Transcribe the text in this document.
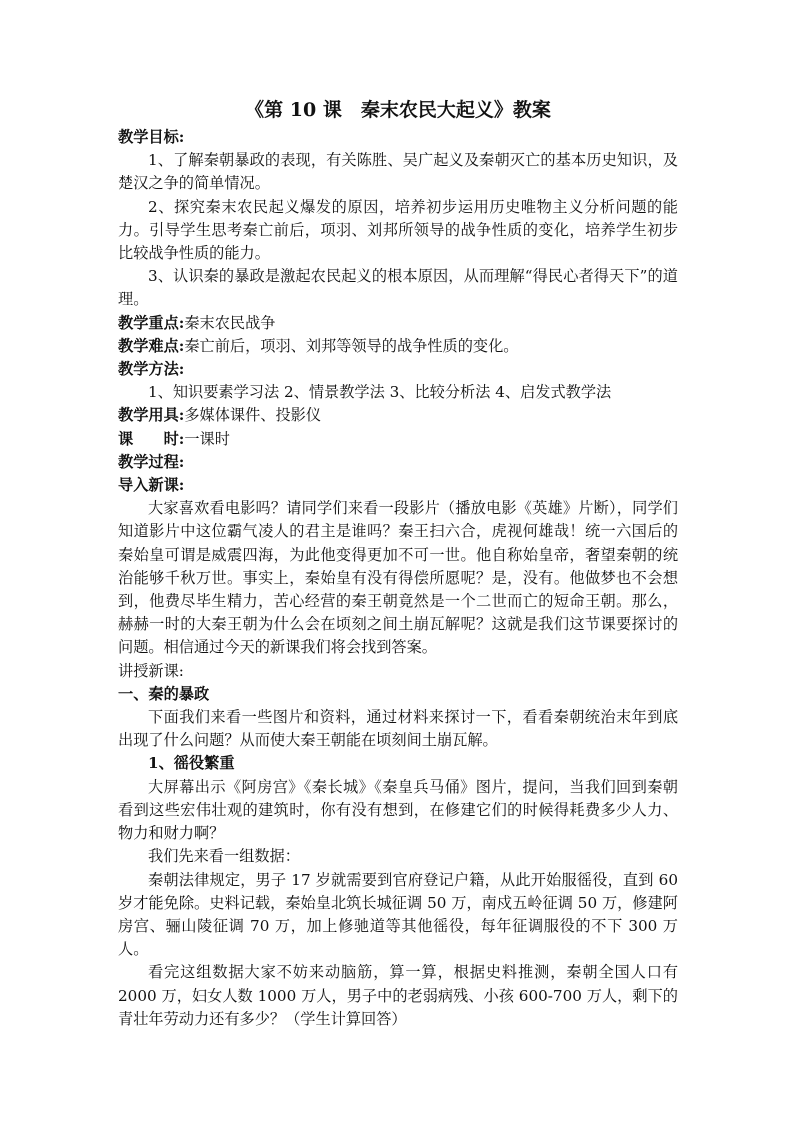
《第 10 课　秦末农民大起义》教案

教学目标:

1、了解秦朝暴政的表现，有关陈胜、吴广起义及秦朝灭亡的基本历史知识，及楚汉之争的简单情况。

2、探究秦末农民起义爆发的原因，培养初步运用历史唯物主义分析问题的能力。引导学生思考秦亡前后，项羽、刘邦所领导的战争性质的变化，培养学生初步比较战争性质的能力。

3、认识秦的暴政是激起农民起义的根本原因，从而理解“得民心者得天下”的道理。

教学重点:秦末农民战争

教学难点:秦亡前后，项羽、刘邦等领导的战争性质的变化。

教学方法:

1、知识要素学习法 2、情景教学法 3、比较分析法 4、启发式教学法

教学用具:多媒体课件、投影仪

课　　时:一课时

教学过程:

导入新课:

大家喜欢看电影吗？请同学们来看一段影片（播放电影《英雄》片断），同学们知道影片中这位霸气凌人的君主是谁吗？秦王扫六合，虎视何雄哉！统一六国后的秦始皇可谓是威震四海，为此他变得更加不可一世。他自称始皇帝，奢望秦朝的统治能够千秋万世。事实上，秦始皇有没有得偿所愿呢？是，没有。他做梦也不会想到，他费尽毕生精力，苦心经营的秦王朝竟然是一个二世而亡的短命王朝。那么，赫赫一时的大秦王朝为什么会在顷刻之间土崩瓦解呢？这就是我们这节课要探讨的问题。相信通过今天的新课我们将会找到答案。

讲授新课:

一、秦的暴政

下面我们来看一些图片和资料，通过材料来探讨一下，看看秦朝统治末年到底出现了什么问题？从而使大秦王朝能在顷刻间土崩瓦解。

1、徭役繁重

大屏幕出示《阿房宫》《秦长城》《秦皇兵马俑》图片，提问，当我们回到秦朝看到这些宏伟壮观的建筑时，你有没有想到，在修建它们的时候得耗费多少人力、物力和财力啊？

我们先来看一组数据：

秦朝法律规定，男子 17 岁就需要到官府登记户籍，从此开始服徭役，直到 60 岁才能免除。史料记载，秦始皇北筑长城征调 50 万，南戍五岭征调 50 万，修建阿房宫、骊山陵征调 70 万，加上修驰道等其他徭役，每年征调服役的不下 300 万人。

看完这组数据大家不妨来动脑筋，算一算，根据史料推测，秦朝全国人口有 2000 万，妇女人数 1000 万人，男子中的老弱病残、小孩 600-700 万人，剩下的青壮年劳动力还有多少？（学生计算回答）
